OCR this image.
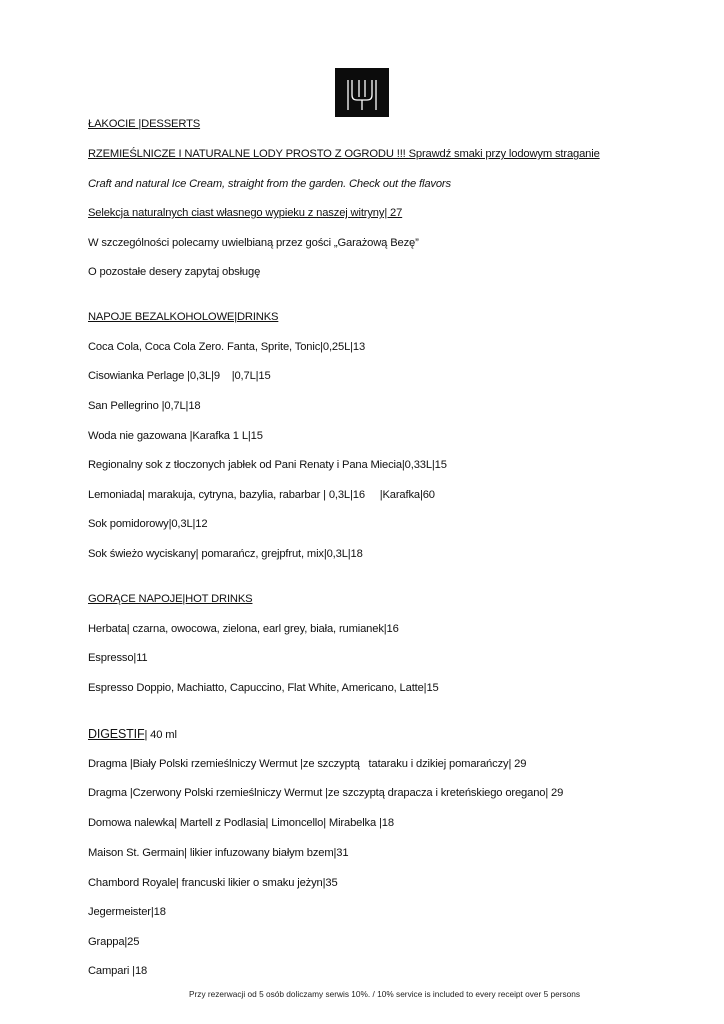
ŁAKOCIE |DESSERTS
RZEMIEŚLNICZE I NATURALNE LODY PROSTO Z OGRODU !!! Sprawdź smaki przy lodowym straganie
Craft and natural Ice Cream, straight from the garden. Check out the flavors
Selekcja naturalnych ciast własnego wypieku z naszej witryny| 27
W szczególności polecamy uwielbianą przez gości „Garażową Bezę”
O pozostałe desery zapytaj obsługę
NAPOJE BEZALKOHOLOWE|DRINKS
Coca Cola, Coca Cola Zero. Fanta, Sprite, Tonic|0,25L|13
Cisowianka Perlage |0,3L|9    |0,7L|15
San Pellegrino |0,7L|18
Woda nie gazowana |Karafka 1 L|15
Regionalny sok z tłoczonych jabłek od Pani Renaty i Pana Miecia|0,33L|15
Lemoniada| marakuja, cytryna, bazylia, rabarbar | 0,3L|16     |Karafka|60
Sok pomidorowy|0,3L|12
Sok świeżo wyciskany| pomarańcz, grejpfrut, mix|0,3L|18
GORĄCE NAPOJE|HOT DRINKS
Herbata| czarna, owocowa, zielona, earl grey, biała, rumianek|16
Espresso|11
Espresso Doppio, Machiatto, Capuccino, Flat White, Americano, Latte|15
DIGESTIF| 40 ml
Dragma |Biały Polski rzemieślniczy Wermut |ze szczyptą   tataraku i dzikiej pomarańczy| 29
Dragma |Czerwony Polski rzemieślniczy Wermut |ze szczyptą drapacza i kreteńskiego oregano| 29
Domowa nalewka| Martell z Podlasia| Limoncello| Mirabelka |18
Maison St. Germain| likier infuzowany białym bzem|31
Chambord Royale| francuski likier o smaku jeżyn|35
Jegermeister|18
Grappa|25
Campari |18
Przy rezerwacji od 5 osób doliczamy serwis 10%. / 10% service is included to every receipt over 5 persons
